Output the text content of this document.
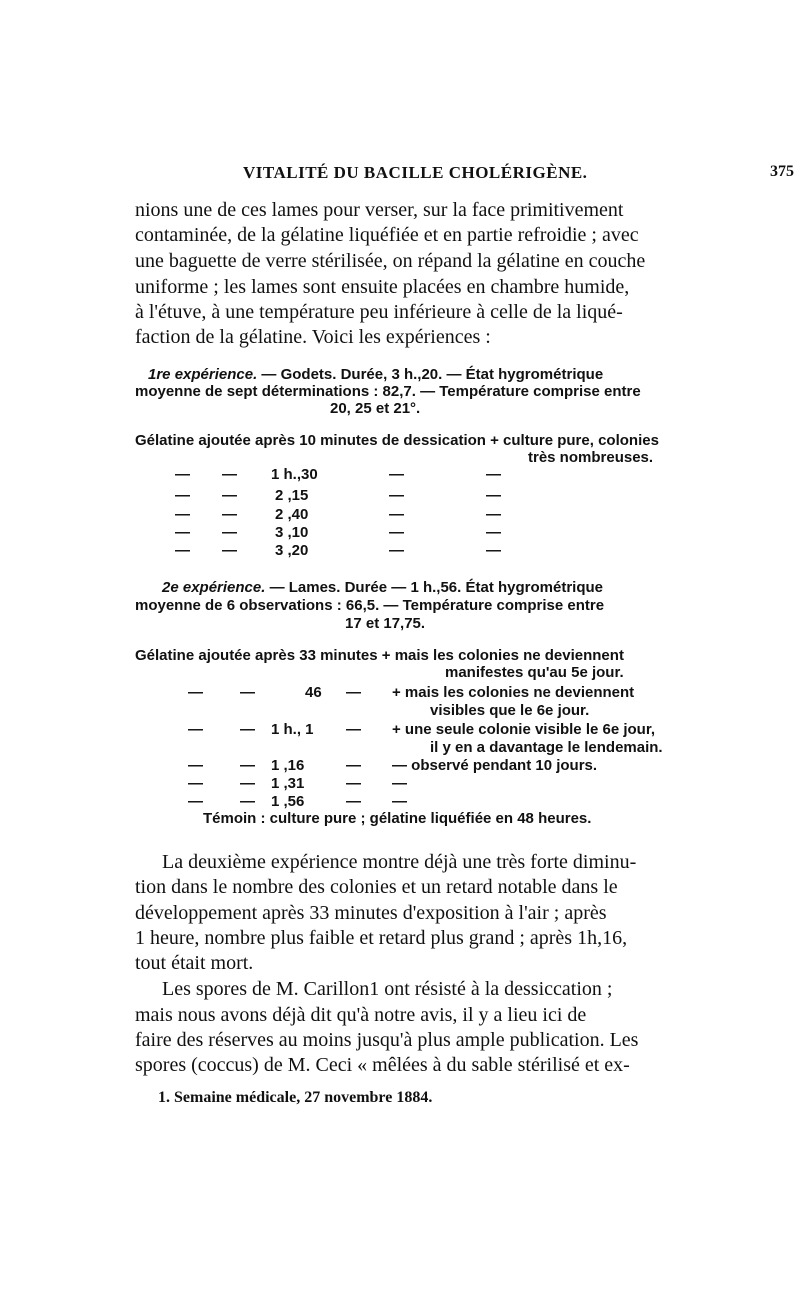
VITALITÉ DU BACILLE CHOLÉRIGÈNE.	375
nions une de ces lames pour verser, sur la face primitivement
contaminée, de la gélatine liquéfiée et en partie refroidie ; avec
une baguette de verre stérilisée, on répand la gélatine en couche
uniforme ; les lames sont ensuite placées en chambre humide,
à l'étuve, à une température peu inférieure à celle de la liqué-
faction de la gélatine. Voici les expériences :
1re expérience. — Godets. Durée, 3 h.,20. — État hygrométrique
moyenne de sept déterminations : 82,7. — Température comprise entre
20, 25 et 21°.
Gélatine ajoutée après 10 minutes de dessication + culture pure, colonies
très nombreuses.
— — 1 h.,30	—	—
— —	2 ,15	—	—
— —	2 ,40	—	—
— —	3 ,10	—	—
— —	3 ,20	—	—
2e expérience. — Lames. Durée — 1 h.,56. État hygrométrique
moyenne de 6 observations : 66,5. — Température comprise entre
17 et 17,75.
Gélatine ajoutée après 33 minutes + mais les colonies ne deviennent
manifestes qu'au 5e jour.
— —	46 — + mais les colonies ne deviennent
visibles que le 6e jour.
— — 1 h., 1 — + une seule colonie visible le 6e jour,
il y en a davantage le lendemain.
— — 1 ,16	— — observé pendant 10 jours.
— — 1 ,31	— —
— — 1 ,56	— —
Témoin : culture pure ; gélatine liquéfiée en 48 heures.
La deuxième expérience montre déjà une très forte diminu-
tion dans le nombre des colonies et un retard notable dans le
développement après 33 minutes d'exposition à l'air ; après
1 heure, nombre plus faible et retard plus grand ; après 1h,16,
tout était mort.
Les spores de M. Carillon1 ont résisté à la dessiccation ;
mais nous avons déjà dit qu'à notre avis, il y a lieu ici de
faire des réserves au moins jusqu'à plus ample publication. Les
spores (coccus) de M. Ceci « mêlées à du sable stérilisé et ex-
1. Semaine médicale, 27 novembre 1884.
